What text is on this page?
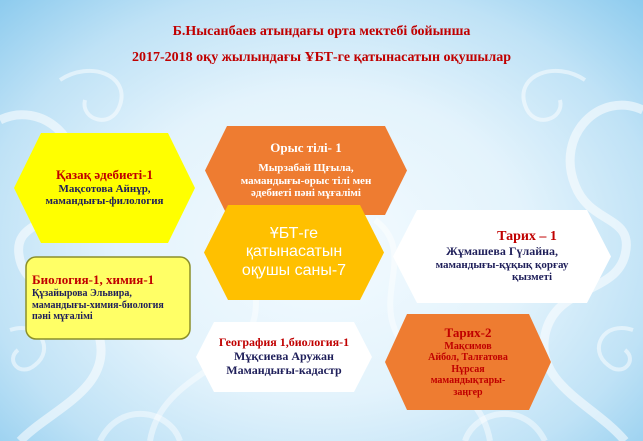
Б.Нысанбаев атындағы орта мектебі бойынша
2017-2018 оқу жылындағы ҰБТ-ге қатынасатын оқушылар
Орыс тілі- 1
Мырзабай Щғыла,
мамандығы-орыс тілі мен
әдебиеті пәні мұғалімі
Қазақ әдебиеті-1
Мақсотова Айнұр,
мамандығы-филология
ҰБТ-ге
қатынасатын
оқушы саны-7
Тарих – 1
Жұмашева Гүлайна,
мамандығы-құқық қорғау
қызметі
Биология-1, химия-1
Құзайырова Эльвира,
мамандығы-химия-биология
пәні мұғалімі
География 1,биология-1
Мұқсиева Аружан
Мамандығы-кадастр
Тарих-2
Мақсимов
Айбол, Талғатова
Нұрсая
мамандықтары-
заңгер
